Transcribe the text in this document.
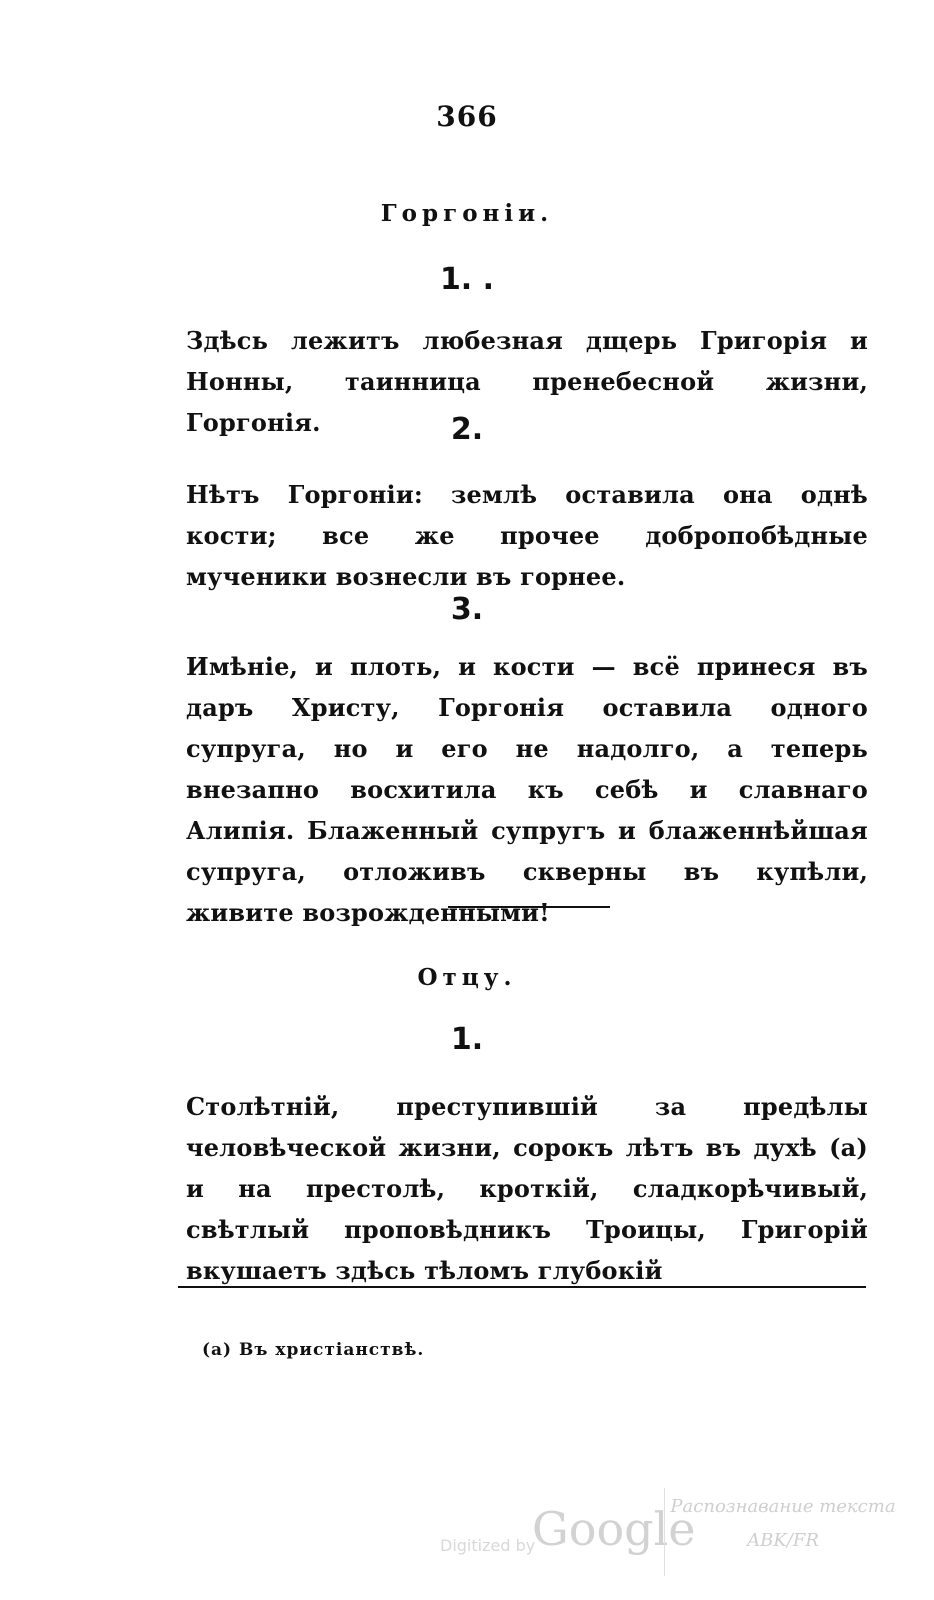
366
Горгонiи.
1. .
Здѣсь лежитъ любезная дщерь Григорія и Нонны, таинница пренебесной жизни, Горгонія.	2.
Нѣтъ Горгоніи: землѣ оставила она однѣ кости; все же прочее добропобѣдные мученики вознесли въ горнее.
3.
Имѣніе, и плоть, и кости — всё принеся въ даръ Христу, Горгонія оставила одного супруга, но и его не надолго, а теперь внезапно восхитила къ себѣ и славнаго Алипія. Блаженный супругъ и блаженнѣйшая супруга, отложивъ скверны въ купѣли, живите возрожденными!
Отцу.
1.
Столѣтній, преступившій за предѣлы человѣческой жизни, сорокъ лѣтъ въ духѣ (а) и на престолѣ, кроткій, сладкорѣчивый, свѣтлый проповѣдникъ Троицы, Григорій вкушаетъ здѣсь тѣломъ глубокій
(а) Въ христіанствѣ.
Digitized by
Google
Распознавание текста
ABK/FR
